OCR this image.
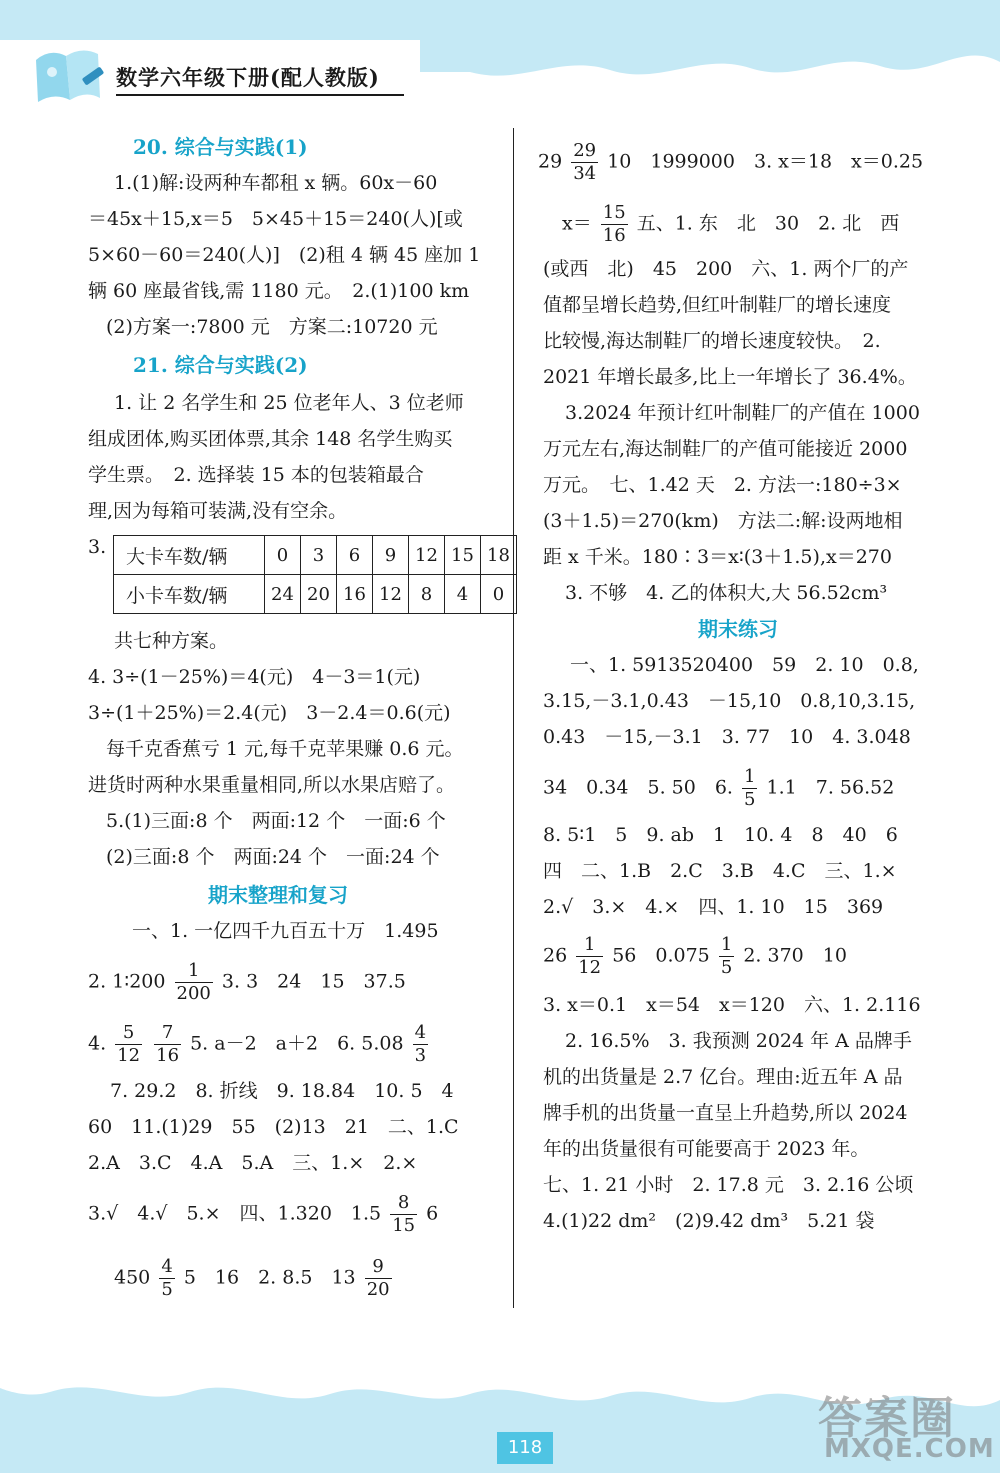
数学六年级下册(配人教版)
20. 综合与实践(1)
1.(1)解:设两种车都租 x 辆。60x－60
＝45x＋15,x＝5　5×45＋15＝240(人)[或
5×60－60＝240(人)]　(2)租 4 辆 45 座加 1
辆 60 座最省钱,需 1180 元。　2.(1)100 km
(2)方案一:7800 元　方案二:10720 元
21. 综合与实践(2)
1. 让 2 名学生和 25 位老年人、3 位老师
组成团体,购买团体票,其余 148 名学生购买
学生票。　2. 选择装 15 本的包装箱最合
理,因为每箱可装满,没有空余。
3. 大卡车数/辆	0	3	6	9	12	15	18
小卡车数/辆	24	20	16	12	8	4	0
共七种方案。
4. 3÷(1－25%)＝4(元)　4－3＝1(元)
3÷(1＋25%)＝2.4(元)　3－2.4＝0.6(元)
每千克香蕉亏 1 元,每千克苹果赚 0.6 元。
进货时两种水果重量相同,所以水果店赔了。
5.(1)三面:8 个　两面:12 个　一面:6 个
(2)三面:8 个　两面:24 个　一面:24 个
期末整理和复习
一、1. 一亿四千九百五十万　1.495
2. 1∶200 $\frac{1}{200} 3$. 3　24　15　37.5
4. $\frac{5}{12}$
$\frac{7}{16} 5$. a－2　a＋2　6. $5.08 \frac{4}{3}$
7. 29.2　8. 折线　9. 18.84　10. 5　4
60　11.(1)29　55　(2)13　21　二、1.C
2.A　3.C　4.A　5.A　三、1.×　2.×
3.√　4.√　5.×　四、1.320　$1.5 \frac{8}{15} 6$
$450 \frac{4}{5} 5$　16　2. 8.5　$13 \frac{9}{20}$
$29 \frac{29}{34} 10$　1999000　3. x＝18　x＝0.25
$x= \frac{15}{16}$ 五、1. 东　北　30　2. 北　西
(或西　北)　45　200　六、1. 两个厂的产
值都呈增长趋势,但红叶制鞋厂的增长速度
比较慢,海达制鞋厂的增长速度较快。　2.
2021 年增长最多,比上一年增长了 36.4%。
3.2024 年预计红叶制鞋厂的产值在 1000
万元左右,海达制鞋厂的产值可能接近 2000
万元。　七、1.42 天　2. 方法一:180÷3×
(3＋1.5)＝270(km)　方法二:解:设两地相
距 x 千米。180∶3＝x∶(3＋1.5),x＝270
3. 不够　4. 乙的体积大,大 56.52cm³
期末练习
一、1. 5913520400　59　2. 10　0.8,
3.15,－3.1,0.43　－15,10　0.8,10,3.15,
0.43　－15,－3.1　3. 77　10　4. 3.048
34　0.34　5. 50　6. $\frac{1}{5} 1.1$　7. 56.52
8. 5∶1　5　9. ab　1　10. 4　8　40　6
四　二、1.B　2.C　3.B　4.C　三、1.×
2.√　3.×　4.×　四、1. 10　15　369
$26 \frac{1}{12} 56$　$0.075 \frac{1}{5} 2$. 370　10
3. x＝0.1　x＝54　x＝120　六、1. 2.116
2. 16.5%　3. 我预测 2024 年 A 品牌手
机的出货量是 2.7 亿台。理由:近五年 A 品
牌手机的出货量一直呈上升趋势,所以 2024
年的出货量很有可能要高于 2023 年。
七、1. 21 小时　2. 17.8 元　3. 2.16 公顷
4.(1)22 dm²　(2)9.42 dm³　5.21 袋
118
答案圈
MXQE.COM
